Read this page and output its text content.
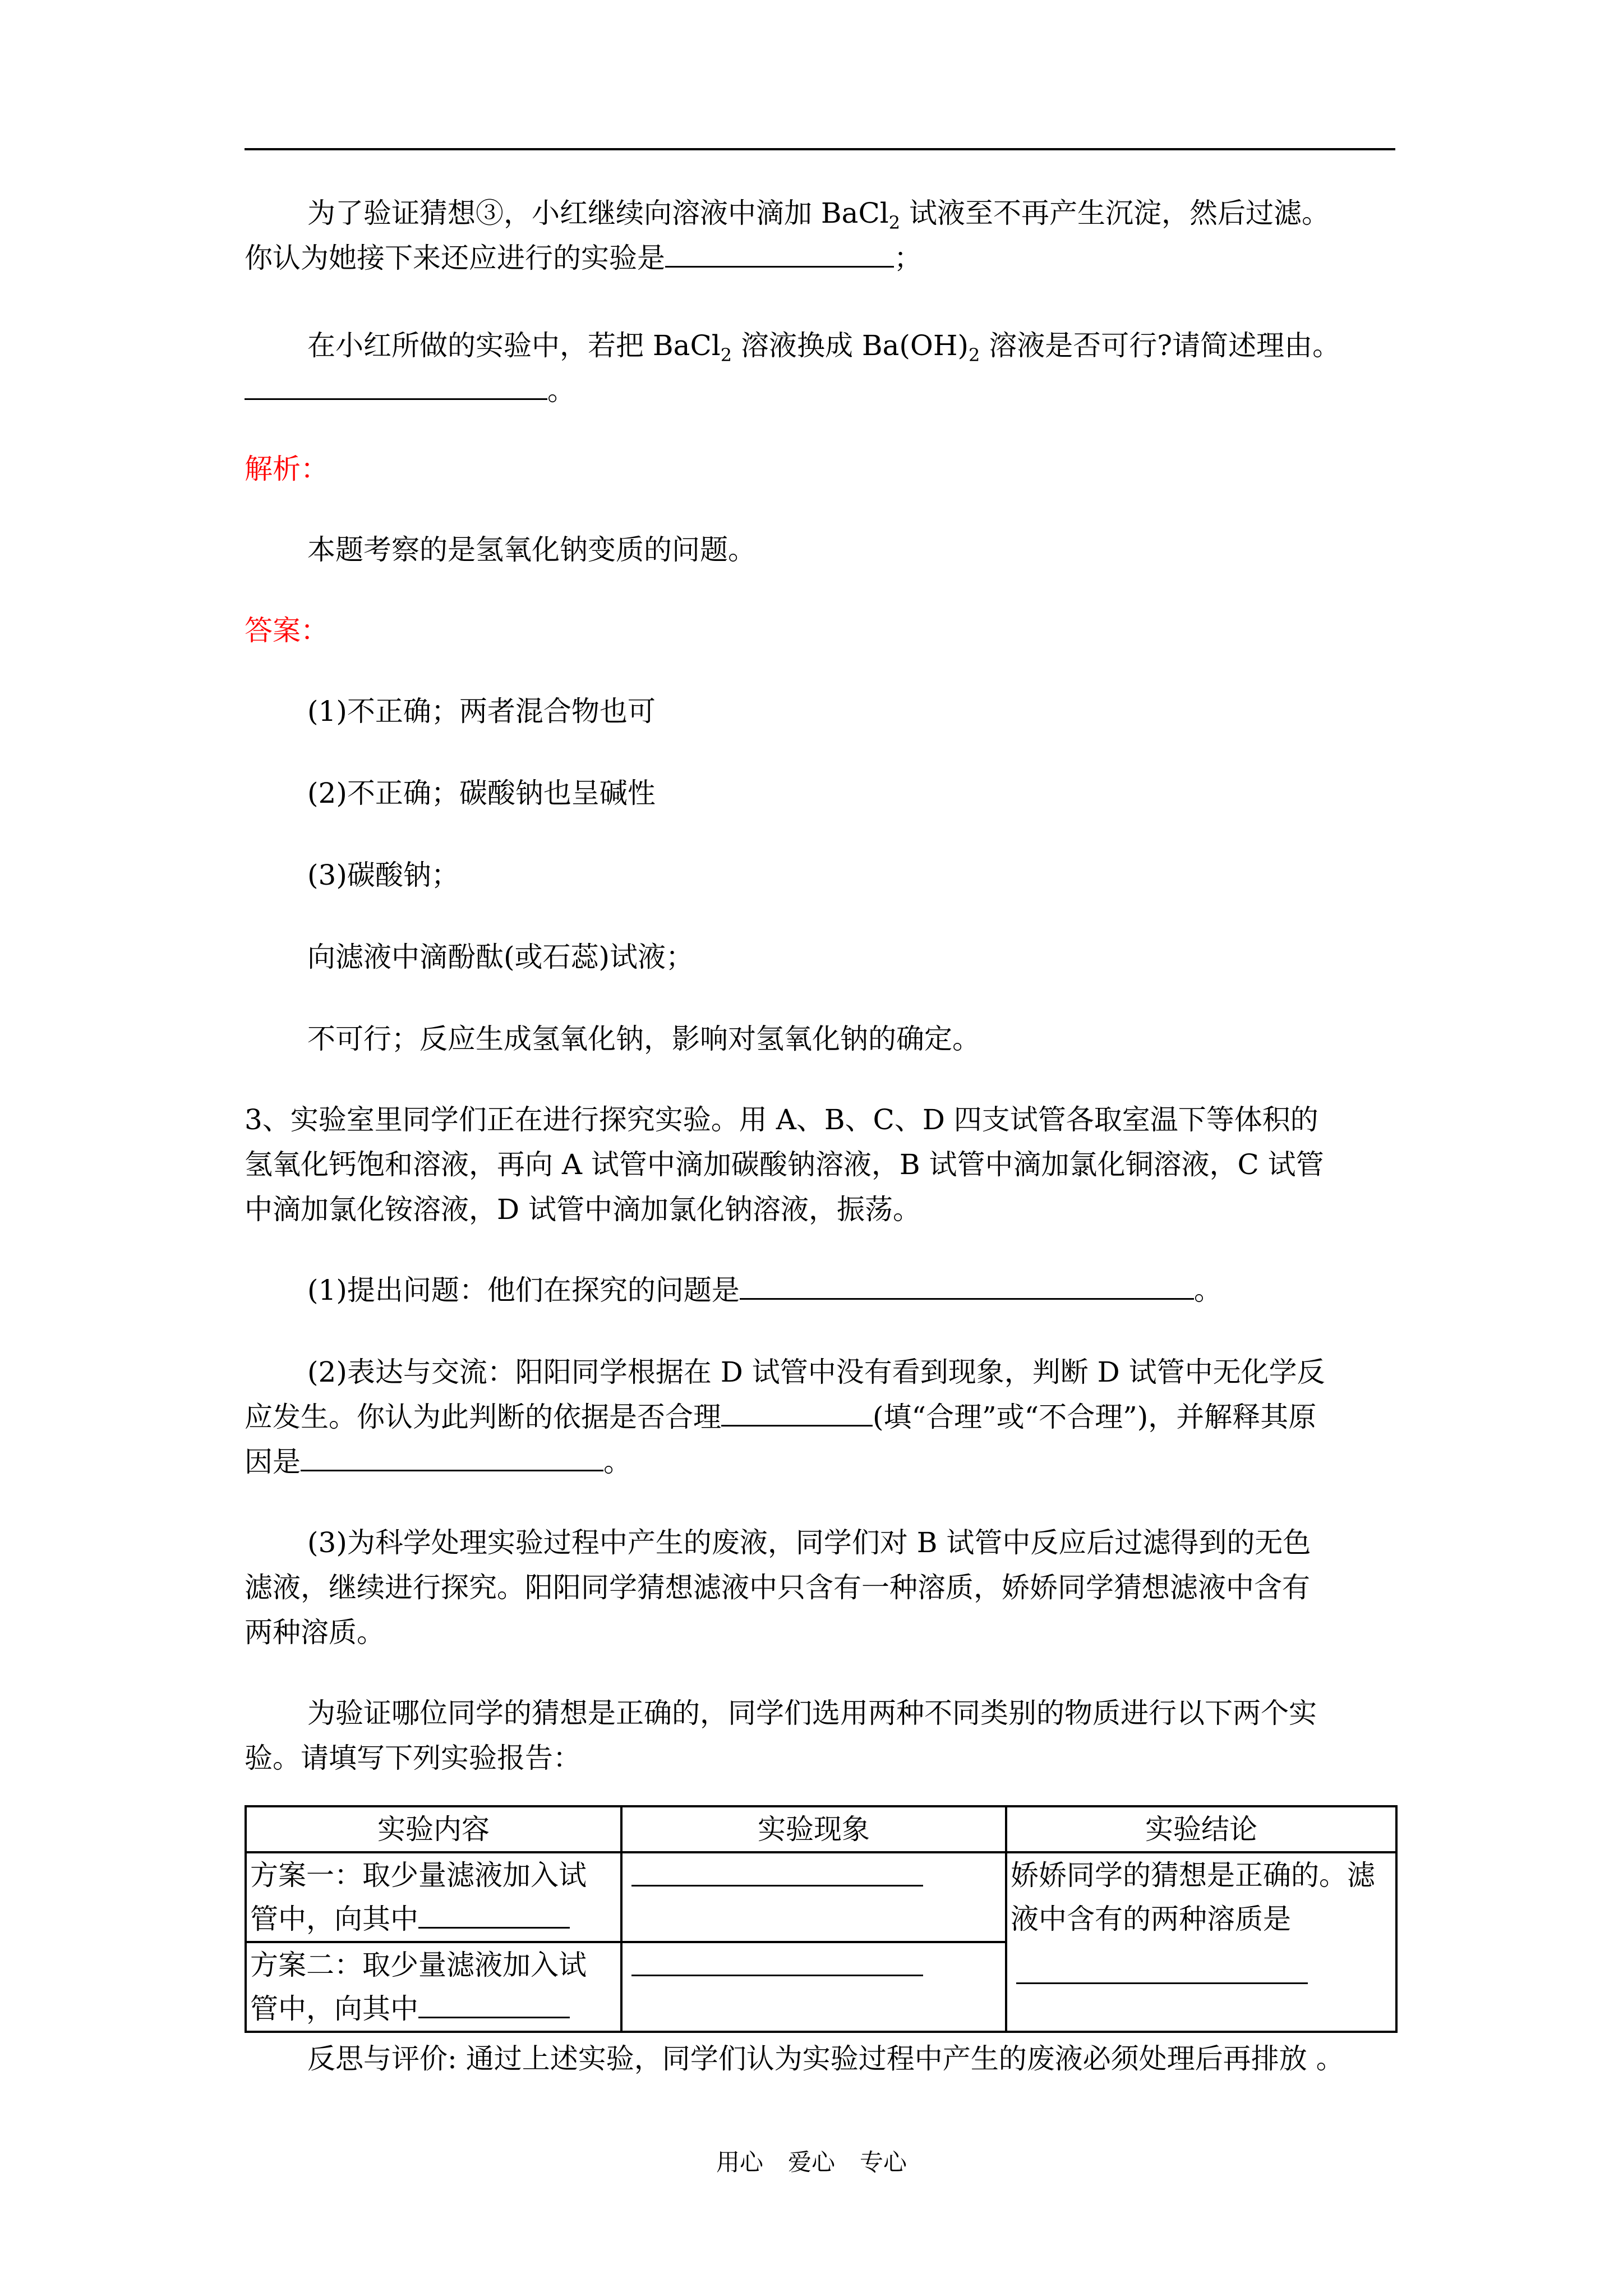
为了验证猜想③，小红继续向溶液中滴加 BaCl$_2$ 试液至不再产生沉淀，然后过滤。
你认为她接下来还应进行的实验是	；
在小红所做的实验中，若把 BaCl$_2$ 溶液换成 $Ba(OH)_2$ 溶液是否可行?请简述理由。
。
解析：
本题考察的是氢氧化钠变质的问题。
答案：
(1)不正确；两者混合物也可
(2)不正确；碳酸钠也呈碱性
(3)碳酸钠；
向滤液中滴酚酞(或石蕊)试液；
不可行；反应生成氢氧化钠，影响对氢氧化钠的确定。
3、实验室里同学们正在进行探究实验。用 A、B、C、D 四支试管各取室温下等体积的
氢氧化钙饱和溶液，再向 A 试管中滴加碳酸钠溶液，B 试管中滴加氯化铜溶液，C 试管
中滴加氯化铵溶液，D 试管中滴加氯化钠溶液，振荡。
(1)提出问题：他们在探究的问题是	。
(2)表达与交流：阳阳同学根据在 D 试管中没有看到现象，判断 D 试管中无化学反
应发生。你认为此判断的依据是否合理	(填“合理”或“不合理”)，并解释其原
因是	。
(3)为科学处理实验过程中产生的废液，同学们对 B 试管中反应后过滤得到的无色
滤液，继续进行探究。阳阳同学猜想滤液中只含有一种溶质，娇娇同学猜想滤液中含有
两种溶质。
为验证哪位同学的猜想是正确的，同学们选用两种不同类别的物质进行以下两个实
验。请填写下列实验报告：
实验内容	实验现象	实验结论
方案一：取少量滤液加入试
管中，向其中		娇娇同学的猜想是正确的。滤
液中含有的两种溶质是

方案二：取少量滤液加入试
管中，向其中		
反思与评价: 通过上述实验，同学们认为实验过程中产生的废液必须处理后再排放 。
用心 爱心 专心
